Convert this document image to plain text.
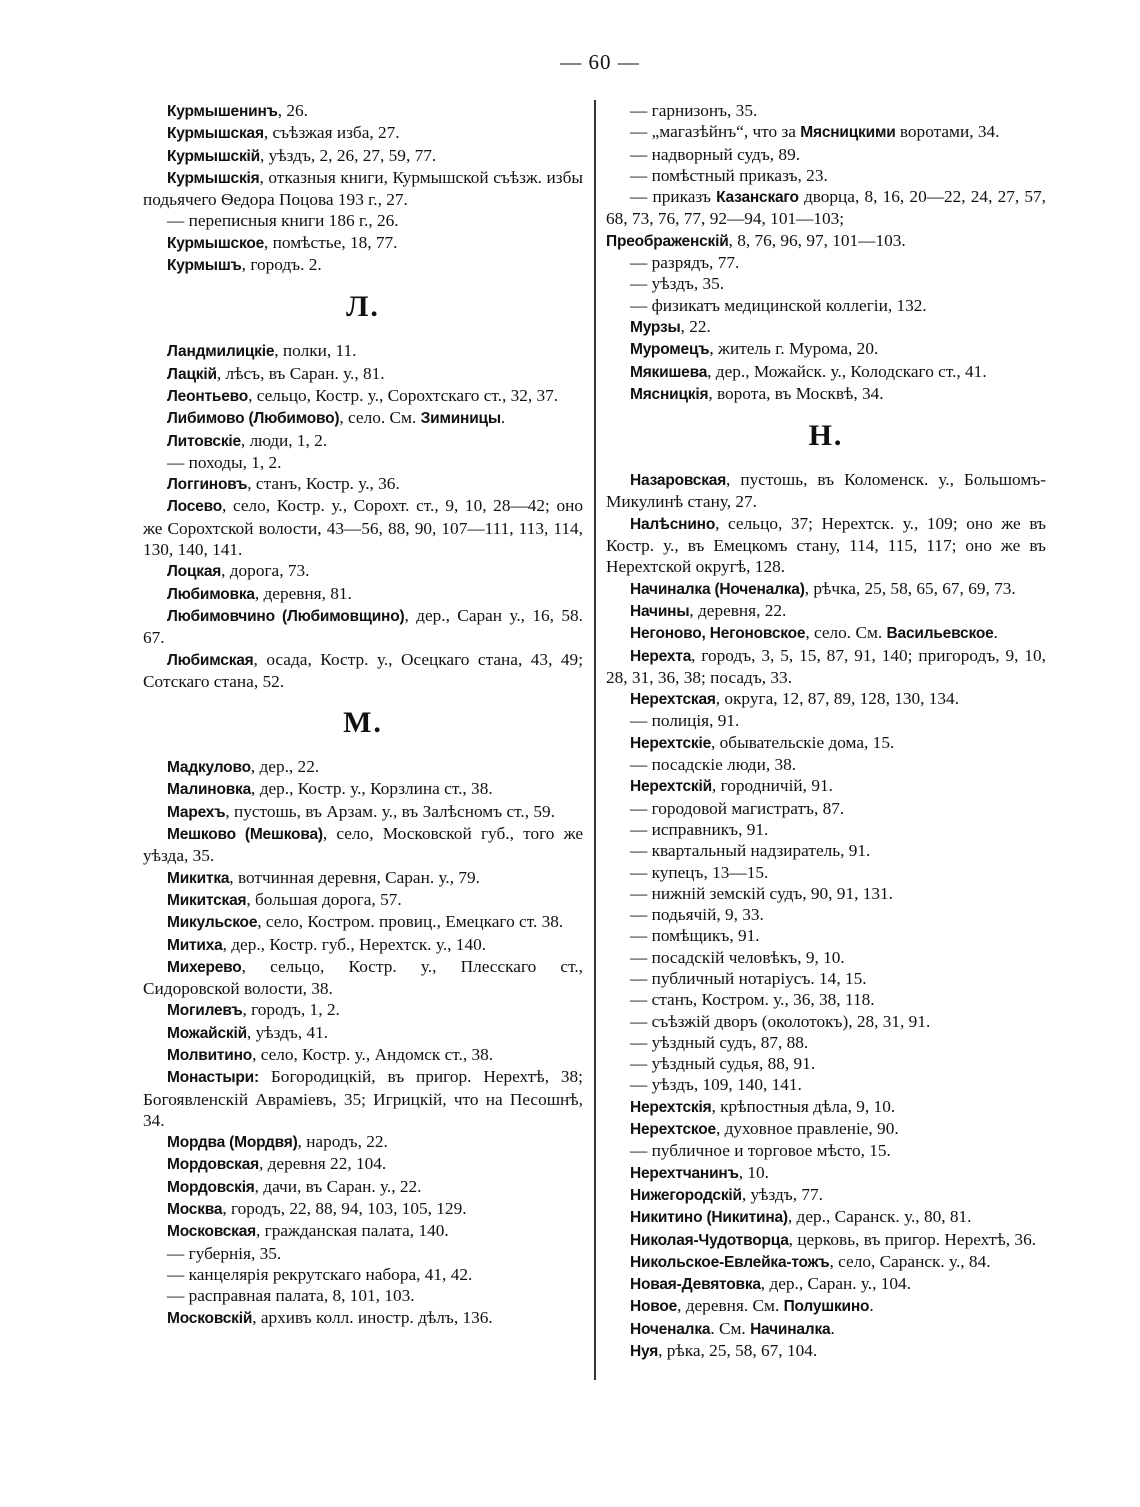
— 60 —
Курмышенинъ, 26.
Курмышская, съѣзжая изба, 27.
Курмышскій, уѣздъ, 2, 26, 27, 59, 77.
Курмышскія, отказныя книги, Курмышской съѣзж. избы подьячего Ѳедора Поцова 193 г., 27.
— переписныя книги 186 г., 26.
Курмышское, помѣстье, 18, 77.
Курмышъ, городъ. 2.
Л.
Ландмилицкіе, полки, 11.
Лацкій, лѣсъ, въ Саран. у., 81.
Леонтьево, сельцо, Костр. у., Сорохтскаго ст., 32, 37.
Либимово (Любимово), село. См. Зиминицы.
Литовскіе, люди, 1, 2.
— походы, 1, 2.
Логгиновъ, станъ, Костр. у., 36.
Лосево, село, Костр. у., Сорохт. ст., 9, 10, 28—42; оно же Сорохтской волости, 43—56, 88, 90, 107—111, 113, 114, 130, 140, 141.
Лоцкая, дорога, 73.
Любимовка, деревня, 81.
Любимовчино (Любимовщино), дер., Саран у., 16, 58. 67.
Любимская, осада, Костр. у., Осецкаго стана, 43, 49; Сотскаго стана, 52.
М.
Мадкулово, дер., 22.
Малиновка, дер., Костр. у., Корзлина ст., 38.
Марехъ, пустошь, въ Арзам. у., въ Залѣсномъ ст., 59.
Мешково (Мешкова), село, Московской губ., того же уѣзда, 35.
Микитка, вотчинная деревня, Саран. у., 79.
Микитская, большая дорога, 57.
Микульское, село, Костром. провиц., Емецкаго ст. 38.
Митиха, дер., Костр. губ., Нерехтск. у., 140.
Михерево, сельцо, Костр. у., Плесскаго ст., Сидоровской волости, 38.
Могилевъ, городъ, 1, 2.
Можайскій, уѣздъ, 41.
Молвитино, село, Костр. у., Андомск ст., 38.
Монастыри: Богородицкій, въ пригор. Нерехтѣ, 38; Богоявленскій Авраміевъ, 35; Игрицкій, что на Песошнѣ, 34.
Мордва (Мордвя), народъ, 22.
Мордовская, деревня 22, 104.
Мордовскія, дачи, въ Саран. у., 22.
Москва, городъ, 22, 88, 94, 103, 105, 129.
Московская, гражданская палата, 140.
— губернія, 35.
— канцелярія рекрутскаго набора, 41, 42.
— расправная палата, 8, 101, 103.
Московскій, архивъ колл. иностр. дѣлъ, 136.
— гарнизонъ, 35.
— „магазѣйнъ“, что за Мясницкими воротами, 34.
— надворный судъ, 89.
— помѣстный приказъ, 23.
— приказъ Казанскаго дворца, 8, 16, 20—22, 24, 27, 57, 68, 73, 76, 77, 92—94, 101—103;
Преображенскій, 8, 76, 96, 97, 101—103.
— разрядъ, 77.
— уѣздъ, 35.
— физикатъ медицинской коллегіи, 132.
Мурзы, 22.
Муромецъ, житель г. Мурома, 20.
Мякишева, дер., Можайск. у., Колодскаго ст., 41.
Мясницкія, ворота, въ Москвѣ, 34.
Н.
Назаровская, пустошь, въ Коломенск. у., Большомъ-Микулинѣ стану, 27.
Налѣснино, сельцо, 37; Нерехтск. у., 109; оно же въ Костр. у., въ Емецкомъ стану, 114, 115, 117; оно же въ Нерехтской округѣ, 128.
Начиналка (Ноченалка), рѣчка, 25, 58, 65, 67, 69, 73.
Начины, деревня, 22.
Негоново, Негоновское, село. См. Васильевское.
Нерехта, городъ, 3, 5, 15, 87, 91, 140; пригородъ, 9, 10, 28, 31, 36, 38; посадъ, 33.
Нерехтская, округа, 12, 87, 89, 128, 130, 134.
— полиція, 91.
Нерехтскіе, обывательскіе дома, 15.
— посадскіе люди, 38.
Нерехтскій, городничій, 91.
— городовой магистратъ, 87.
— исправникъ, 91.
— квартальный надзиратель, 91.
— купецъ, 13—15.
— нижній земскій судъ, 90, 91, 131.
— подьячій, 9, 33.
— помѣщикъ, 91.
— посадскій человѣкъ, 9, 10.
— публичный нотаріусъ. 14, 15.
— станъ, Костром. у., 36, 38, 118.
— съѣзжій дворъ (околотокъ), 28, 31, 91.
— уѣздный судъ, 87, 88.
— уѣздный судья, 88, 91.
— уѣздъ, 109, 140, 141.
Нерехтскія, крѣпостныя дѣла, 9, 10.
Нерехтское, духовное правленіе, 90.
— публичное и торговое мѣсто, 15.
Нерехтчанинъ, 10.
Нижегородскій, уѣздъ, 77.
Никитино (Никитина), дер., Саранск. у., 80, 81.
Николая-Чудотворца, церковь, въ пригор. Нерехтѣ, 36.
Никольское-Евлейка-тожъ, село, Саранск. у., 84.
Новая-Девятовка, дер., Саран. у., 104.
Новое, деревня. См. Полушкино.
Ноченалка. См. Начиналка.
Нуя, рѣка, 25, 58, 67, 104.
